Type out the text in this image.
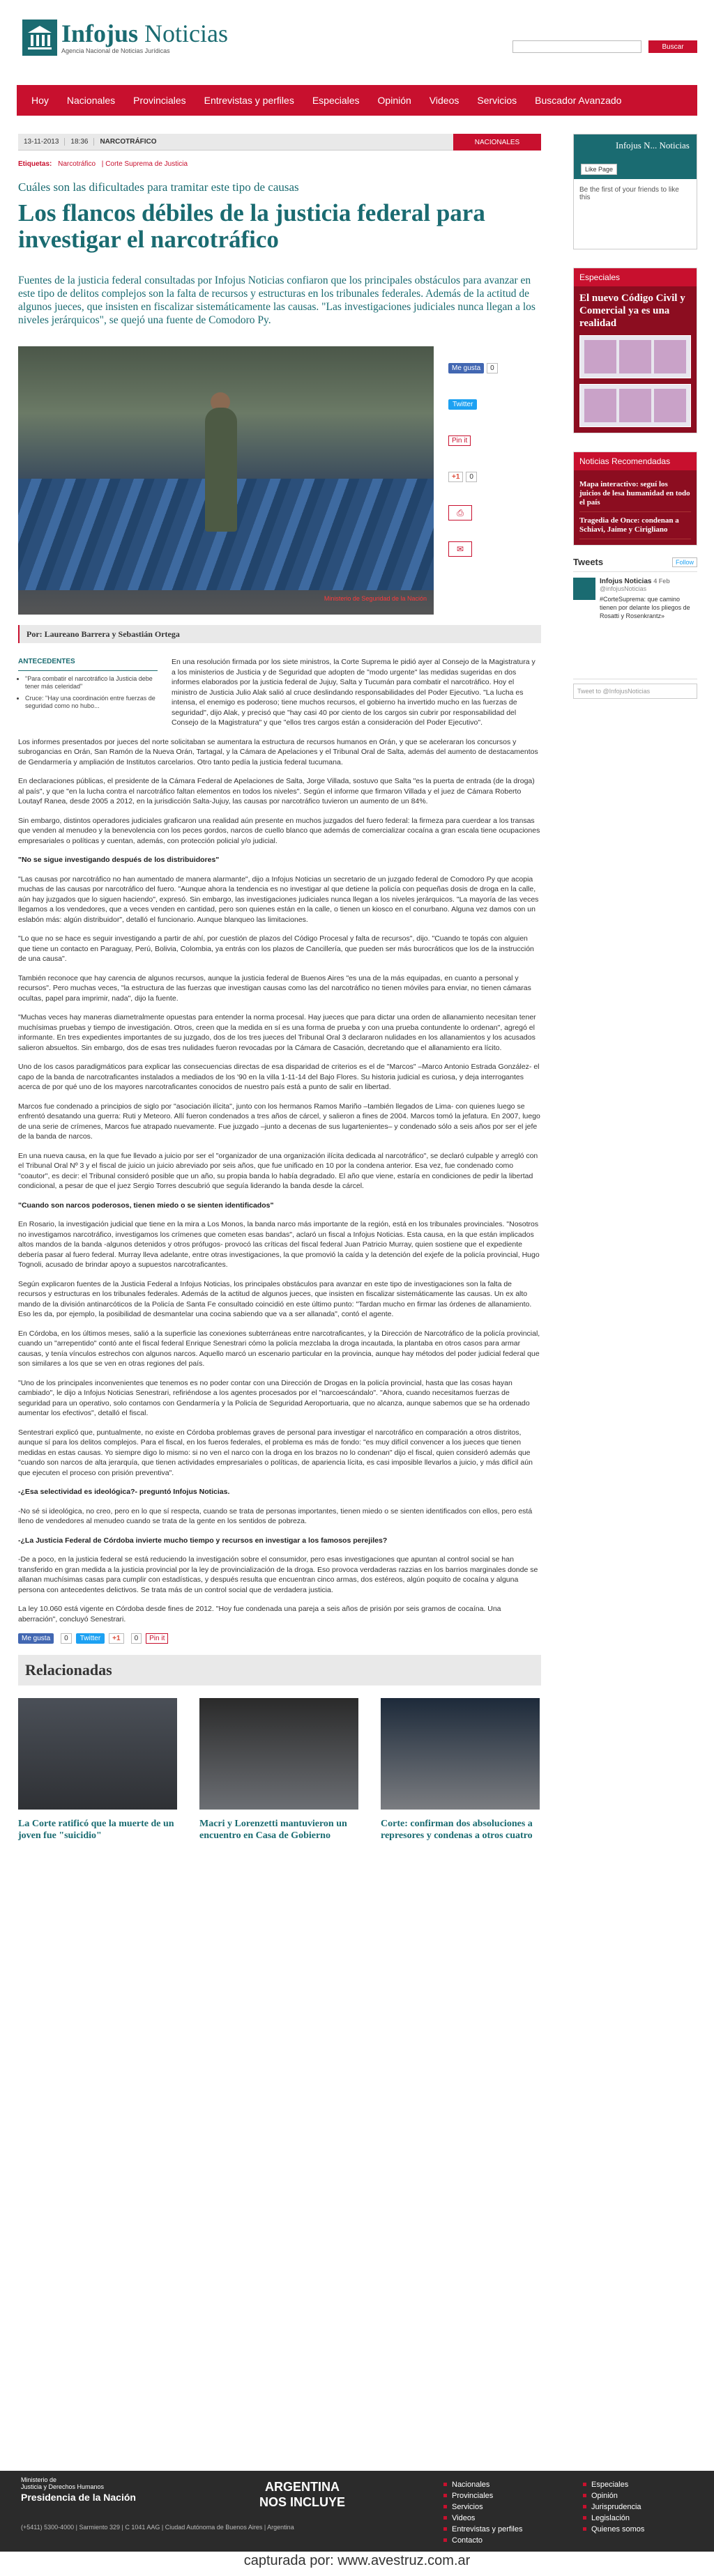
Infojus Noticias
Agencia Nacional de Noticias Jurídicas
Buscar
Hoy	Nacionales	Provinciales	Entrevistas y perfiles	Especiales	Opinión	Videos	Servicios	Buscador Avanzado
13-11-2013	18:36	NARCOTRÁFICO	NACIONALES
Etiquetas: Narcotráfico | Corte Suprema de Justicia
Cuáles son las dificultades para tramitar este tipo de causas
Los flancos débiles de la justicia federal para investigar el narcotráfico
Fuentes de la justicia federal consultadas por Infojus Noticias confiaron que los principales obstáculos para avanzar en este tipo de delitos complejos son la falta de recursos y estructuras en los tribunales federales. Además de la actitud de algunos jueces, que insisten en fiscalizar sistemáticamente las causas. "Las investigaciones judiciales nunca llegan a los niveles jerárquicos", se quejó una fuente de Comodoro Py.
Ministerio de Seguridad de la Nación
Me gusta	0
Twitter
Pin it
+1	0
⎙
✉
Por: Laureano Barrera y Sebastián Ortega
ANTECEDENTES
• "Para combatir el narcotráfico la Justicia debe tener más celeridad"
• Cruce: "Hay una coordinación entre fuerzas de seguridad como no hubo...

En una resolución firmada por los siete ministros, la Corte Suprema le pidió ayer al Consejo de la Magistratura y a los ministerios de Justicia y de Seguridad que adopten de "modo urgente" las medidas sugeridas en dos informes elaborados por la justicia federal de Jujuy, Salta y Tucumán para combatir el narcotráfico. Hoy el ministro de Justicia Julio Alak salió al cruce deslindando responsabilidades del Poder Ejecutivo. "La lucha es intensa, el enemigo es poderoso; tiene muchos recursos, el gobierno ha invertido mucho en las fuerzas de seguridad", dijo Alak, y precisó que "hay casi 40 por ciento de los cargos sin cubrir por responsabilidad del Consejo de la Magistratura" y que "ellos tres cargos están a consideración del Poder Ejecutivo".

Los informes presentados por jueces del norte solicitaban se aumentara la estructura de recursos humanos en Orán, y que se aceleraran los concursos y subrogancias en Orán, San Ramón de la Nueva Orán, Tartagal, y la Cámara de Apelaciones y el Tribunal Oral de Salta, además del aumento de destacamentos de Gendarmería y ampliación de Institutos carcelarios. Otro tanto pedía la justicia federal tucumana.

En declaraciones públicas, el presidente de la Cámara Federal de Apelaciones de Salta, Jorge Villada, sostuvo que Salta "es la puerta de entrada (de la droga) al país", y que "en la lucha contra el narcotráfico faltan elementos en todos los niveles". Según el informe que firmaron Villada y el juez de Cámara Roberto Loutayf Ranea, desde 2005 a 2012, en la jurisdicción Salta-Jujuy, las causas por narcotráfico tuvieron un aumento de un 84%.

Sin embargo, distintos operadores judiciales graficaron una realidad aún presente en muchos juzgados del fuero federal: la firmeza para cuerdear a los transas que venden al menudeo y la benevolencia con los peces gordos, narcos de cuello blanco que además de comercializar cocaína a gran escala tiene ocupaciones empresariales o políticas y cuentan, además, con protección policial y/o judicial.

"No se sigue investigando después de los distribuidores"

"Las causas por narcotráfico no han aumentado de manera alarmante", dijo a Infojus Noticias un secretario de un juzgado federal de Comodoro Py que acopia muchas de las causas por narcotráfico del fuero. "Aunque ahora la tendencia es no investigar al que detiene la policía con pequeñas dosis de droga en la calle, aún hay juzgados que lo siguen haciendo", expresó. Sin embargo, las investigaciones judiciales nunca llegan a los niveles jerárquicos. "La mayoría de las veces llegamos a los vendedores, que a veces venden en cantidad, pero son quienes están en la calle, o tienen un kiosco en el conurbano. Alguna vez damos con un eslabón más: algún distribuidor", detalló el funcionario. Aunque blanqueo las limitaciones.

"Lo que no se hace es seguir investigando a partir de ahí, por cuestión de plazos del Código Procesal y falta de recursos", dijo. "Cuando te topás con alguien que tiene un contacto en Paraguay, Perú, Bolivia, Colombia, ya entrás con los plazos de Cancillería, que pueden ser más burocráticos que los de la instrucción de una causa".

También reconoce que hay carencia de algunos recursos, aunque la justicia federal de Buenos Aires "es una de la más equipadas, en cuanto a personal y recursos". Pero muchas veces, "la estructura de las fuerzas que investigan causas como las del narcotráfico no tienen móviles para enviar, no tienen cámaras ocultas, papel para imprimir, nada", dijo la fuente.

"Muchas veces hay maneras diametralmente opuestas para entender la norma procesal. Hay jueces que para dictar una orden de allanamiento necesitan tener muchísimas pruebas y tiempo de investigación. Otros, creen que la medida en sí es una forma de prueba y con una prueba contundente lo ordenan", agregó el informante. En tres expedientes importantes de su juzgado, dos de los tres jueces del Tribunal Oral 3 declararon nulidades en los allanamientos y los acusados salieron absueltos. Sin embargo, dos de esas tres nulidades fueron revocadas por la Cámara de Casación, decretando que el allanamiento era lícito.

Uno de los casos paradigmáticos para explicar las consecuencias directas de esa disparidad de criterios es el de "Marcos" –Marco Antonio Estrada González- el capo de la banda de narcotraficantes instalados a mediados de los '90 en la villa 1-11-14 del Bajo Flores. Su historia judicial es curiosa, y deja interrogantes acerca de por qué uno de los mayores narcotraficantes conocidos de nuestro país está a punto de salir en libertad.

Marcos fue condenado a principios de siglo por "asociación ilícita", junto con los hermanos Ramos Mariño –también llegados de Lima- con quienes luego se enfrentó desatando una guerra: Ruti y Meteoro. Allí fueron condenados a tres años de cárcel, y salieron a fines de 2004. Marcos tomó la jefatura. En 2007, luego de una serie de crímenes, Marcos fue atrapado nuevamente. Fue juzgado –junto a decenas de sus lugartenientes– y condenado sólo a seis años por ser el jefe de la banda de narcos.

En una nueva causa, en la que fue llevado a juicio por ser el "organizador de una organización ilícita dedicada al narcotráfico", se declaró culpable y arregló con el Tribunal Oral Nº 3 y el fiscal de juicio un juicio abreviado por seis años, que fue unificado en 10 por la condena anterior. Esa vez, fue condenado como "coautor", es decir: el Tribunal consideró posible que un año, su propia banda lo había degradado. El año que viene, estaría en condiciones de pedir la libertad condicional, a pesar de que el juez Sergio Torres descubrió que seguía liderando la banda desde la cárcel.

"Cuando son narcos poderosos, tienen miedo o se sienten identificados"

En Rosario, la investigación judicial que tiene en la mira a Los Monos, la banda narco más importante de la región, está en los tribunales provinciales. "Nosotros no investigamos narcotráfico, investigamos los crímenes que cometen esas bandas", aclaró un fiscal a Infojus Noticias. Esta causa, en la que están implicados altos mandos de la banda -algunos detenidos y otros prófugos- provocó las críticas del fiscal federal Juan Patricio Murray, quien sostiene que el expediente debería pasar al fuero federal. Murray lleva adelante, entre otras investigaciones, la que promovió la caída y la detención del exjefe de la policía provincial, Hugo Tognoli, acusado de brindar apoyo a supuestos narcotraficantes.

Según explicaron fuentes de la Justicia Federal a Infojus Noticias, los principales obstáculos para avanzar en este tipo de investigaciones son la falta de recursos y estructuras en los tribunales federales. Además de la actitud de algunos jueces, que insisten en fiscalizar sistemáticamente las causas. Un ex alto mando de la división antinarcóticos de la Policía de Santa Fe consultado coincidió en este último punto: "Tardan mucho en firmar las órdenes de allanamiento. Eso les da, por ejemplo, la posibilidad de desmantelar una cocina sabiendo que va a ser allanada", contó el agente.

En Córdoba, en los últimos meses, salió a la superficie las conexiones subterráneas entre narcotraficantes, y la Dirección de Narcotráfico de la policía provincial, cuando un "arrepentido" contó ante el fiscal federal Enrique Senestrari cómo la policía mezclaba la droga incautada, la plantaba en otros casos para armar causas, y tenía vínculos estrechos con algunos narcos. Aquello marcó un escenario particular en la provincia, aunque hay métodos del poder judicial federal que son similares a los que se ven en otras regiones del país.

"Uno de los principales inconvenientes que tenemos es no poder contar con una Dirección de Drogas en la policía provincial, hasta que las cosas hayan cambiado", le dijo a Infojus Noticias Senestrari, refiriéndose a los agentes procesados por el "narcoescándalo". "Ahora, cuando necesitamos fuerzas de seguridad para un operativo, solo contamos con Gendarmería y la Policía de Seguridad Aeroportuaria, que no alcanza, aunque sabemos que se ha ordenado aumentar los efectivos", detalló el fiscal.

Sentestrari explicó que, puntualmente, no existe en Córdoba problemas graves de personal para investigar el narcotráfico en comparación a otros distritos, aunque sí para los delitos complejos. Para el fiscal, en los fueros federales, el problema es más de fondo: "es muy difícil convencer a los jueces que tienen medidas en estas causas. Yo siempre digo lo mismo: si no ven el narco con la droga en los brazos no lo condenan" dijo el fiscal, quien consideró además que "cuando son narcos de alta jerarquía, que tienen actividades empresariales o políticas, de apariencia lícita, es casi imposible llevarlos a juicio, y más difícil aún que ejecuten el proceso con prisión preventiva".

-¿Esa selectividad es ideológica?- preguntó Infojus Noticias.

-No sé si ideológica, no creo, pero en lo que sí respecta, cuando se trata de personas importantes, tienen miedo o se sienten identificados con ellos, pero está lleno de vendedores al menudeo cuando se trata de la gente en los sentidos de pobreza.

-¿La Justicia Federal de Córdoba invierte mucho tiempo y recursos en investigar a los famosos perejiles?

-De a poco, en la justicia federal se está reduciendo la investigación sobre el consumidor, pero esas investigaciones que apuntan al control social se han transferido en gran medida a la justicia provincial por la ley de provincialización de la droga. Eso provoca verdaderas razzias en los barrios marginales donde se allanan muchísimas casas para cumplir con estadísticas, y después resulta que encuentran cinco armas, dos estéreos, algún poquito de cocaína y alguna persona con antecedentes delictivos. Se trata más de un control social que de verdadera justicia.

La ley 10.060 está vigente en Córdoba desde fines de 2012. "Hoy fue condenada una pareja a seis años de prisión por seis gramos de cocaína. Una aberración", concluyó Senestrari.

Me gusta	0	Twitter	+1	0	Pin it
Relacionadas
La Corte ratificó que la muerte de un joven fue "suicidio"
Macri y Lorenzetti mantuvieron un encuentro en Casa de Gobierno
Corte: confirman dos absoluciones a represores y condenas a otros cuatro
Infojus N... Noticias
Like Page

Be the first of your friends to like this

Especiales
El nuevo Código Civil y Comercial ya es una realidad
Noticias Recomendadas
Mapa interactivo: seguí los juicios de lesa humanidad en todo el país
Tragedia de Once: condenan a Schiavi, Jaime y Cirigliano
Tweets	Follow
Infojus Noticias 4 Feb
@infojusNoticias
#CorteSuprema: que camino tienen por delante los pliegos de Rosatti y Rosenkrantz»
Tweet to @InfojusNoticias
Ministerio de
Justicia y Derechos Humanos
Presidencia de la Nación
ARGENTINA
NOS INCLUYE
Nacionales
Provinciales
Servicios
Videos
Entrevistas y perfiles
Contacto
Especiales
Opinión
Jurisprudencia
Legislación
Quienes somos
(+5411) 5300-4000 | Sarmiento 329 | C 1041 AAG | Ciudad Autónoma de Buenos Aires | Argentina
capturada por: www.avestruz.com.ar
